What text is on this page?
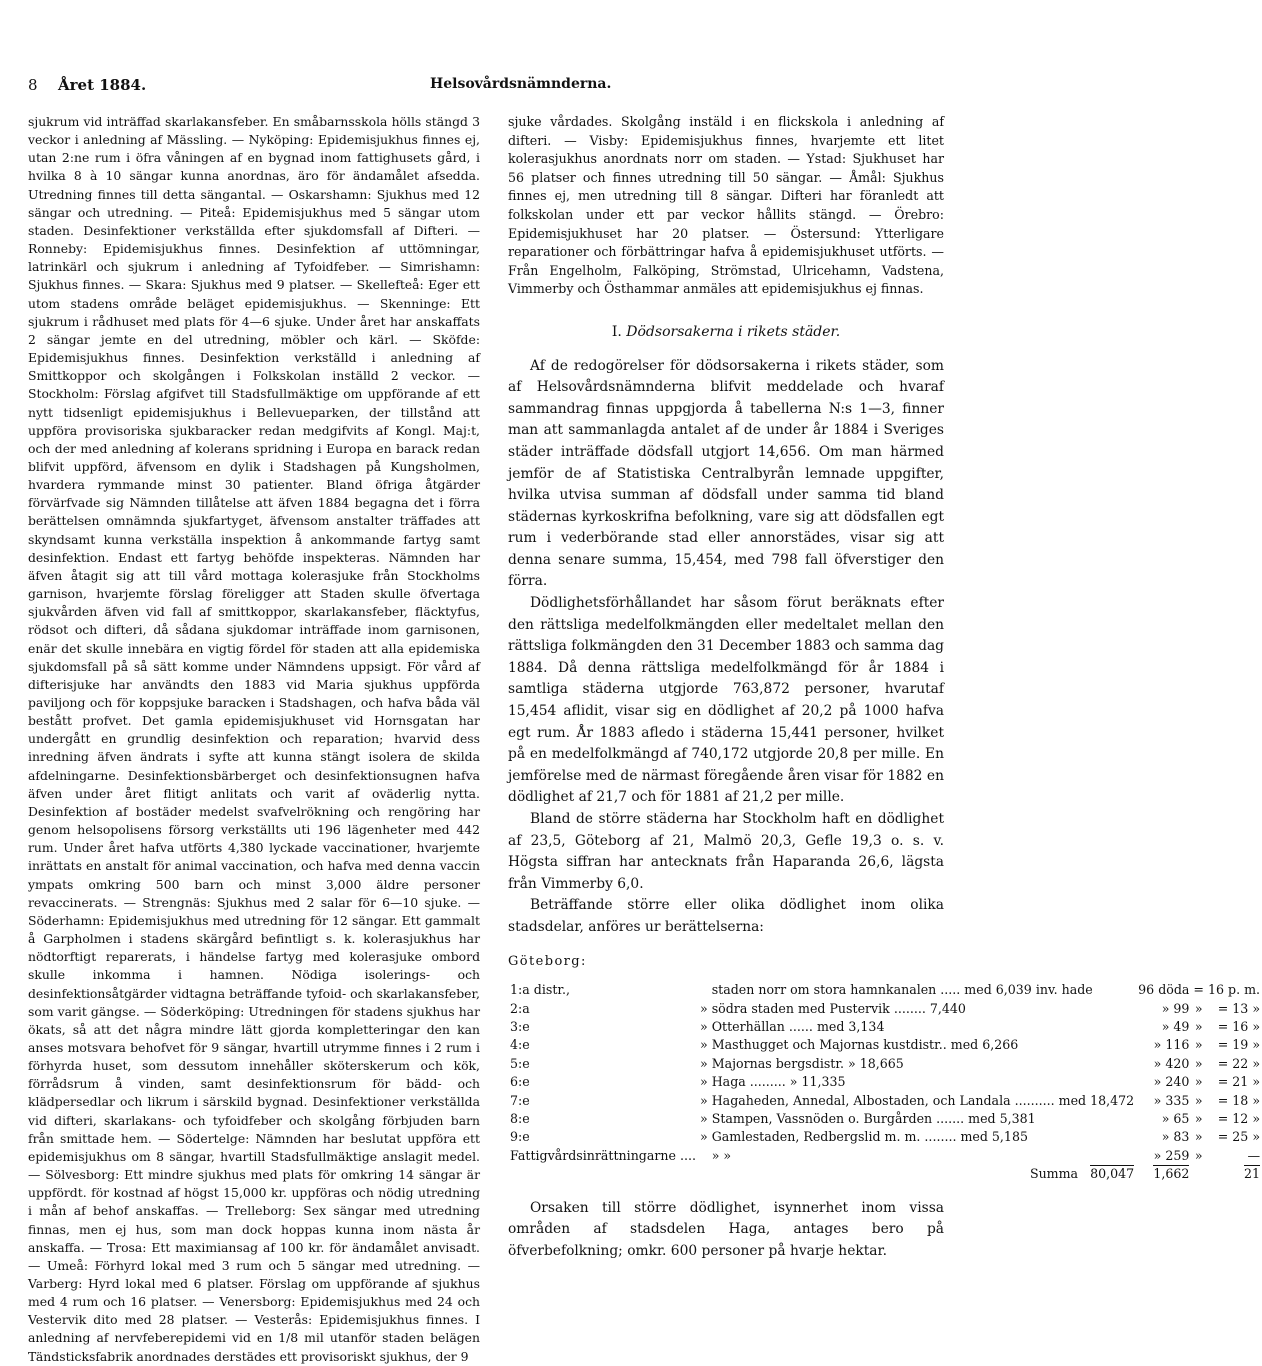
8 Året 1884.	Helsovårdsnämnderna.

sjukrum vid inträffad skarlakansfeber. En småbarnsskola hölls stängd 3 veckor i anledning af Mässling. — Nyköping: Epidemisjukhus finnes ej, utan 2:ne rum i öfra våningen af en bygnad inom fattighusets gård, i hvilka 8 à 10 sängar kunna anordnas, äro för ändamålet afsedda. Utredning finnes till detta sängantal. — Oskarshamn: Sjukhus med 12 sängar och utredning. — Piteå: Epidemisjukhus med 5 sängar utom staden. Desinfektioner verkställda efter sjukdomsfall af Difteri. — Ronneby: Epidemisjukhus finnes. Desinfektion af uttömningar, latrinkärl och sjukrum i anledning af Tyfoidfeber. — Simrishamn: Sjukhus finnes. — Skara: Sjukhus med 9 platser. — Skellefteå: Eger ett utom stadens område beläget epidemisjukhus. — Skenninge: Ett sjukrum i rådhuset med plats för 4—6 sjuke. Under året har anskaffats 2 sängar jemte en del utredning, möbler och kärl. — Sköfde: Epidemisjukhus finnes. Desinfektion verkställd i anledning af Smittkoppor och skolgången i Folkskolan inställd 2 veckor. — Stockholm: Förslag afgifvet till Stadsfullmäktige om uppförande af ett nytt tidsenligt epidemisjukhus i Bellevueparken, der tillstånd att uppföra provisoriska sjukbaracker redan medgifvits af Kongl. Maj:t, och der med anledning af kolerans spridning i Europa en barack redan blifvit uppförd, äfvensom en dylik i Stadshagen på Kungsholmen, hvardera rymmande minst 30 patienter. Bland öfriga åtgärder förvärfvade sig Nämnden tillåtelse att äfven 1884 begagna det i förra berättelsen omnämnda sjukfartyget, äfvensom anstalter träffades att skyndsamt kunna verkställa inspektion å ankommande fartyg samt desinfektion. Endast ett fartyg behöfde inspekteras. Nämnden har äfven åtagit sig att till vård mottaga kolerasjuke från Stockholms garnison, hvarjemte förslag föreligger att Staden skulle öfvertaga sjukvården äfven vid fall af smittkoppor, skarlakansfeber, fläcktyfus, rödsot och difteri, då sådana sjukdomar inträffade inom garnisonen, enär det skulle innebära en vigtig fördel för staden att alla epidemiska sjukdomsfall på så sätt komme under Nämndens uppsigt. För vård af difterisjuke har användts den 1883 vid Maria sjukhus uppförda paviljong och för koppsjuke baracken i Stadshagen, och hafva båda väl bestått profvet. Det gamla epidemisjukhuset vid Hornsgatan har undergått en grundlig desinfektion och reparation; hvarvid dess inredning äfven ändrats i syfte att kunna stängt isolera de skilda afdelningarne. Desinfektionsbärberget och desinfektionsugnen hafva äfven under året flitigt anlitats och varit af oväderlig nytta. Desinfektion af bostäder medelst svafvelrökning och rengöring har genom helsopolisens försorg verkställts uti 196 lägenheter med 442 rum. Under året hafva utförts 4,380 lyckade vaccinationer, hvarjemte inrättats en anstalt för animal vaccination, och hafva med denna vaccin ympats omkring 500 barn och minst 3,000 äldre personer revaccinerats. — Strengnäs: Sjukhus med 2 salar för 6—10 sjuke. — Söderhamn: Epidemisjukhus med utredning för 12 sängar. Ett gammalt å Garpholmen i stadens skärgård befintligt s. k. kolerasjukhus har nödtorftigt reparerats, i händelse fartyg med kolerasjuke ombord skulle inkomma i hamnen. Nödiga isolerings- och desinfektionsåtgärder vidtagna beträffande tyfoid- och skarlakansfeber, som varit gängse. — Söderköping: Utredningen för stadens sjukhus har ökats, så att det några mindre lätt gjorda kompletteringar den kan anses motsvara behofvet för 9 sängar, hvartill utrymme finnes i 2 rum i förhyrda huset, som dessutom innehåller sköterskerum och kök, förrådsrum å vinden, samt desinfektionsrum för bädd- och klädpersedlar och likrum i särskild bygnad. Desinfektioner verkställda vid difteri, skarlakans- och tyfoidfeber och skolgång förbjuden barn från smittade hem. — Södertelge: Nämnden har beslutat uppföra ett epidemisjukhus om 8 sängar, hvartill Stadsfullmäktige anslagit medel. — Sölvesborg: Ett mindre sjukhus med plats för omkring 14 sängar är uppfördt. för kostnad af högst 15,000 kr. uppföras och nödig utredning i mån af behof anskaffas. — Trelleborg: Sex sängar med utredning finnas, men ej hus, som man dock hoppas kunna inom nästa år anskaffa. — Trosa: Ett maximiansag af 100 kr. för ändamålet anvisadt. — Umeå: Förhyrd lokal med 3 rum och 5 sängar med utredning. — Varberg: Hyrd lokal med 6 platser. Förslag om uppförande af sjukhus med 4 rum och 16 platser. — Venersborg: Epidemisjukhus med 24 och Vestervik dito med 28 platser. — Vesterås: Epidemisjukhus finnes. I anledning af nervfeberepidemi vid en 1/8 mil utanför staden belägen Tändsticksfabrik anordnades derstädes ett provisoriskt sjukhus, der 9

sjuke vårdades. Skolgång instäld i en flickskola i anledning af difteri. — Visby: Epidemisjukhus finnes, hvarjemte ett litet kolerasjukhus anordnats norr om staden. — Ystad: Sjukhuset har 56 platser och finnes utredning till 50 sängar. — Åmål: Sjukhus finnes ej, men utredning till 8 sängar. Difteri har föranledt att folkskolan under ett par veckor hållits stängd. — Örebro: Epidemisjukhuset har 20 platser. — Östersund: Ytterligare reparationer och förbättringar hafva å epidemisjukhuset utförts. — Från Engelholm, Falköping, Strömstad, Ulricehamn, Vadstena, Vimmerby och Östhammar anmäles att epidemisjukhus ej finnas.

I. Dödsorsakerna i rikets städer.

Af de redogörelser för dödsorsakerna i rikets städer, som af Helsovårdsnämnderna blifvit meddelade och hvaraf sammandrag finnas uppgjorda å tabellerna N:s 1—3, finner man att sammanlagda antalet af de under år 1884 i Sveriges städer inträffade dödsfall utgjort 14,656. Om man härmed jemför de af Statistiska Centralbyrån lemnade uppgifter, hvilka utvisa summan af dödsfall under samma tid bland städernas kyrkoskrifna befolkning, vare sig att dödsfallen egt rum i vederbörande stad eller annorstädes, visar sig att denna senare summa, 15,454, med 798 fall öfverstiger den förra.

Dödlighetsförhållandet har såsom förut beräknats efter den rättsliga medelfolkmängden eller medeltalet mellan den rättsliga folkmängden den 31 December 1883 och samma dag 1884. Då denna rättsliga medelfolkmängd för år 1884 i samtliga städerna utgjorde 763,872 personer, hvarutaf 15,454 aflidit, visar sig en dödlighet af 20,2 på 1000 hafva egt rum. År 1883 afledo i städerna 15,441 personer, hvilket på en medelfolkmängd af 740,172 utgjorde 20,8 per mille. En jemförelse med de närmast föregående åren visar för 1882 en dödlighet af 21,7 och för 1881 af 21,2 per mille.

Bland de större städerna har Stockholm haft en dödlighet af 23,5, Göteborg af 21, Malmö 20,3, Gefle 19,3 o. s. v. Högsta siffran har antecknats från Haparanda 26,6, lägsta från Vimmerby 6,0.

Beträffande större eller olika dödlighet inom olika stadsdelar, anföres ur berättelserna:

Göteborg:
1:a distr.,		staden norr om stora hamnkanalen ..... med 6,039 inv. hade	96 döda	=	16 p. m.
2:a	»	södra staden med Pustervik ........ 7,440	» 99	»	= 13 »
3:e	»	Otterhällan ...... med 3,134	» 49	»	= 16 »
4:e	»	Masthugget och Majornas kustdistr.. med 6,266	» 116	»	= 19 »
5:e	»	Majornas bergsdistr. » 18,665	» 420	»	= 22 »
6:e	»	Haga ......... » 11,335	» 240	»	= 21 »
7:e	»	Hagaheden, Annedal, Albostaden, och Landala .......... med 18,472	» 335	»	= 18 »
8:e	»	Stampen, Vassnöden o. Burgården ....... med 5,381	» 65	»	= 12 »
9:e	»	Gamlestaden, Redbergslid m. m. ........ med 5,185	» 83	»	= 25 »
Fattigvårdsinrättningarne ....		» »	» 259	»	—
		Summa 80,047	1,662		21

Orsaken till större dödlighet, isynnerhet inom vissa områden af stadsdelen Haga, antages bero på öfverbefolkning; omkr. 600 personer på hvarje hektar.
